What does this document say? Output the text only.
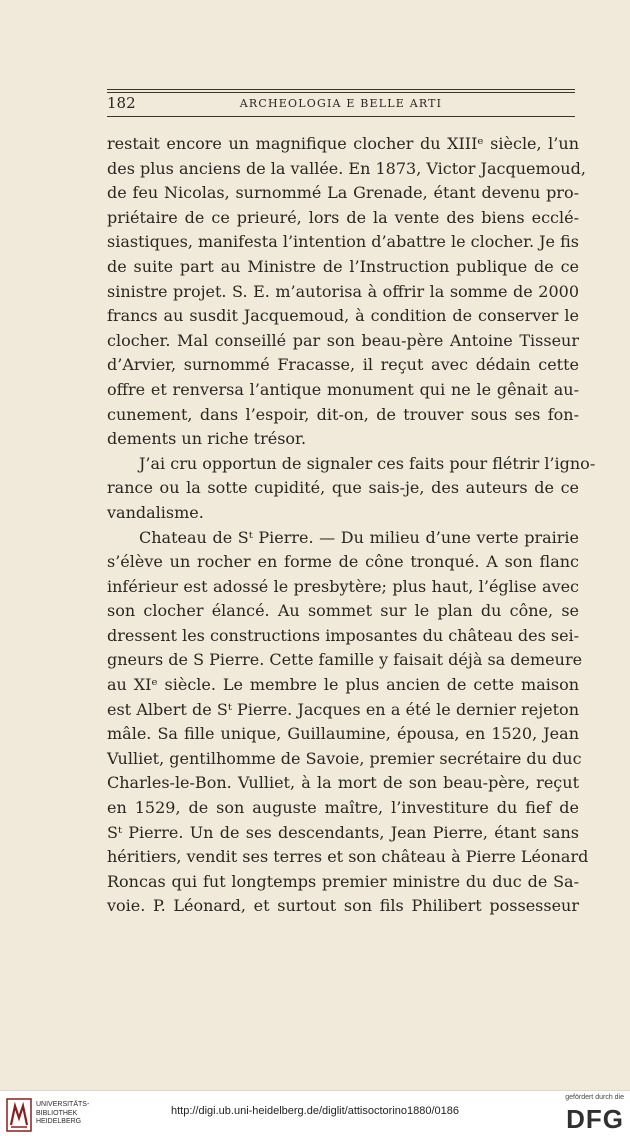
182	ARCHEOLOGIA E BELLE ARTI
restait encore un magnifique clocher du XIIIᵉ siècle, l’un
des plus anciens de la vallée. En 1873, Victor Jacquemoud,
de feu Nicolas, surnommé La Grenade, étant devenu pro-
priétaire de ce prieuré, lors de la vente des biens ecclé-
siastiques, manifesta l’intention d’abattre le clocher. Je fis
de suite part au Ministre de l’Instruction publique de ce
sinistre projet. S. E. m’autorisa à offrir la somme de 2000
francs au susdit Jacquemoud, à condition de conserver le
clocher. Mal conseillé par son beau-père Antoine Tisseur
d’Arvier, surnommé Fracasse, il reçut avec dédain cette
offre et renversa l’antique monument qui ne le gênait au-
cunement, dans l’espoir, dit-on, de trouver sous ses fon-
dements un riche trésor.
J’ai cru opportun de signaler ces faits pour flétrir l’igno-
rance ou la sotte cupidité, que sais-je, des auteurs de ce
vandalisme.
Chateau de Sᵗ Pierre. — Du milieu d’une verte prairie
s’élève un rocher en forme de cône tronqué. A son flanc
inférieur est adossé le presbytère; plus haut, l’église avec
son clocher élancé. Au sommet sur le plan du cône, se
dressent les constructions imposantes du château des sei-
gneurs de S Pierre. Cette famille y faisait déjà sa demeure
au XIᵉ siècle. Le membre le plus ancien de cette maison
est Albert de Sᵗ Pierre. Jacques en a été le dernier rejeton
mâle. Sa fille unique, Guillaumine, épousa, en 1520, Jean
Vulliet, gentilhomme de Savoie, premier secrétaire du duc
Charles-le-Bon. Vulliet, à la mort de son beau-père, reçut
en 1529, de son auguste maître, l’investiture du fief de
Sᵗ Pierre. Un de ses descendants, Jean Pierre, étant sans
héritiers, vendit ses terres et son château à Pierre Léonard
Roncas qui fut longtemps premier ministre du duc de Sa-
voie. P. Léonard, et surtout son fils Philibert possesseur
UNIVERSITÄTS-
BIBLIOTHEK
HEIDELBERG
http://digi.ub.uni-heidelberg.de/diglit/attisoctorino1880/0186
gefördert durch die
DFG
